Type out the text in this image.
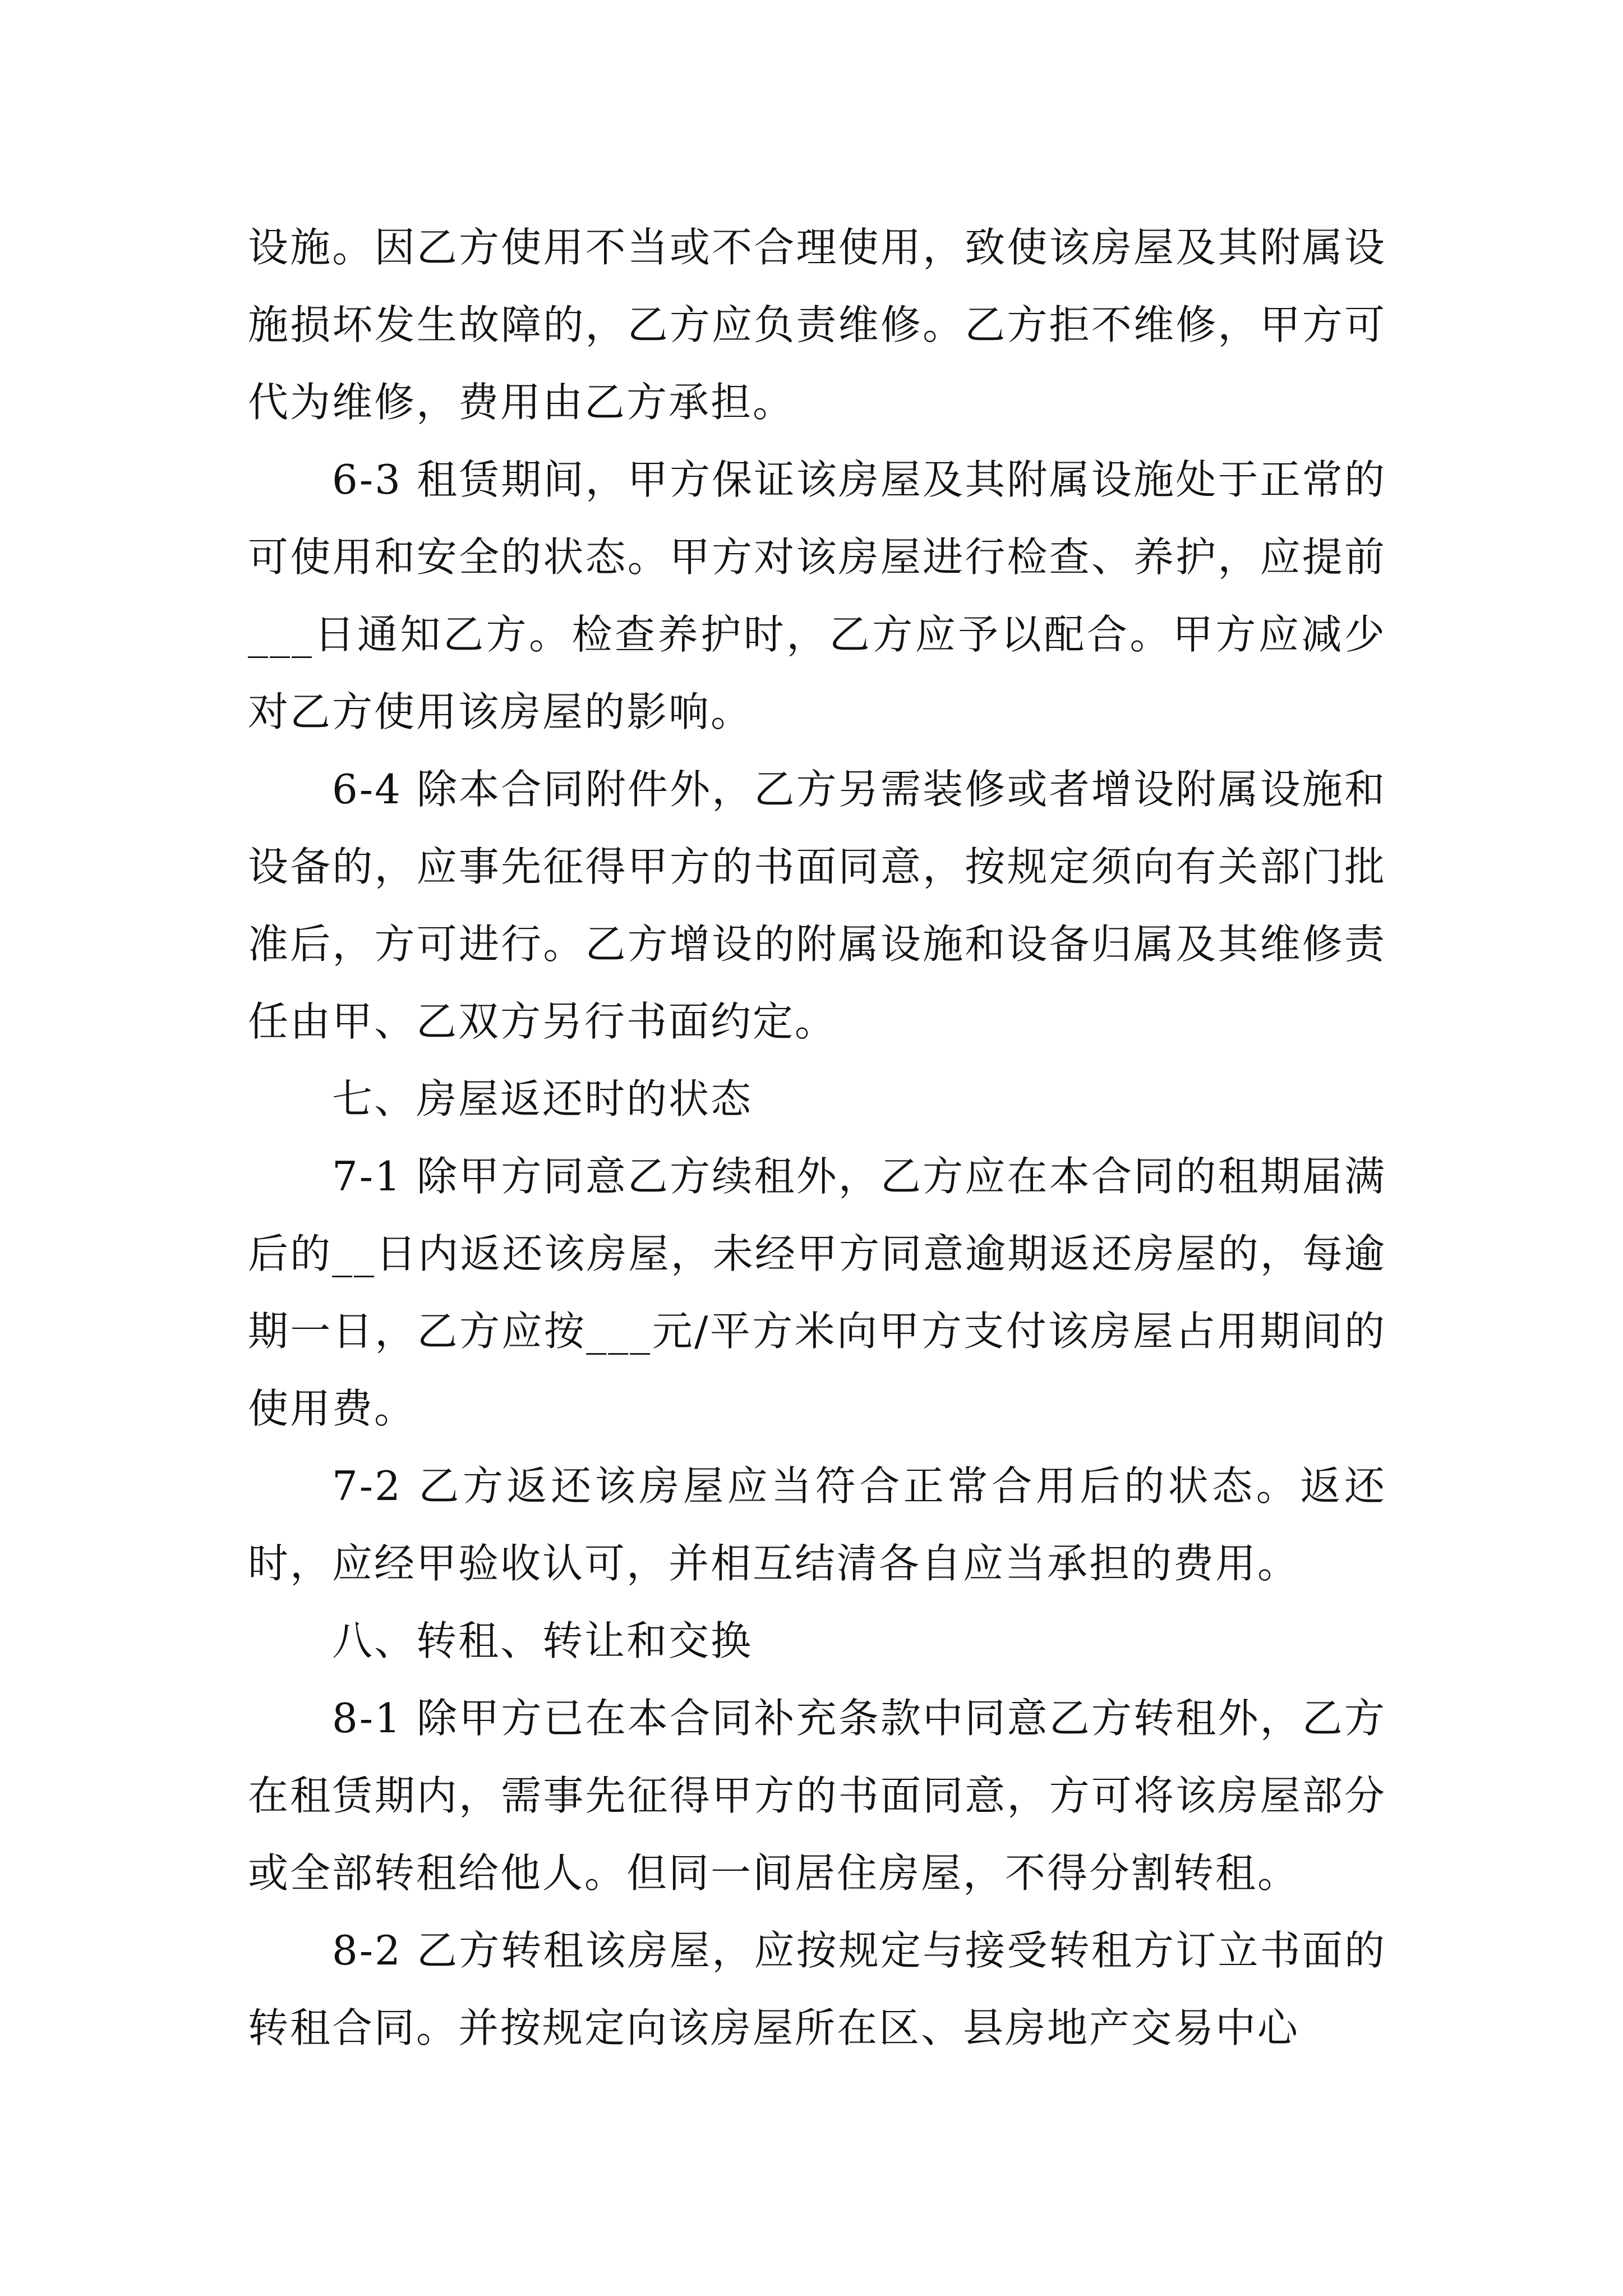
设施。因乙方使用不当或不合理使用，致使该房屋及其附属设施损坏发生故障的，乙方应负责维修。乙方拒不维修，甲方可代为维修，费用由乙方承担。

6-3 租赁期间，甲方保证该房屋及其附属设施处于正常的可使用和安全的状态。甲方对该房屋进行检查、养护，应提前___日通知乙方。检查养护时，乙方应予以配合。甲方应减少对乙方使用该房屋的影响。

6-4 除本合同附件外，乙方另需装修或者增设附属设施和设备的，应事先征得甲方的书面同意，按规定须向有关部门批准后，方可进行。乙方增设的附属设施和设备归属及其维修责任由甲、乙双方另行书面约定。

七、房屋返还时的状态

7-1 除甲方同意乙方续租外，乙方应在本合同的租期届满后的__日内返还该房屋，未经甲方同意逾期返还房屋的，每逾期一日，乙方应按___元/平方米向甲方支付该房屋占用期间的使用费。

7-2 乙方返还该房屋应当符合正常合用后的状态。返还时，应经甲验收认可，并相互结清各自应当承担的费用。

八、转租、转让和交换

8-1 除甲方已在本合同补充条款中同意乙方转租外，乙方在租赁期内，需事先征得甲方的书面同意，方可将该房屋部分或全部转租给他人。但同一间居住房屋，不得分割转租。

8-2 乙方转租该房屋，应按规定与接受转租方订立书面的转租合同。并按规定向该房屋所在区、县房地产交易中心
